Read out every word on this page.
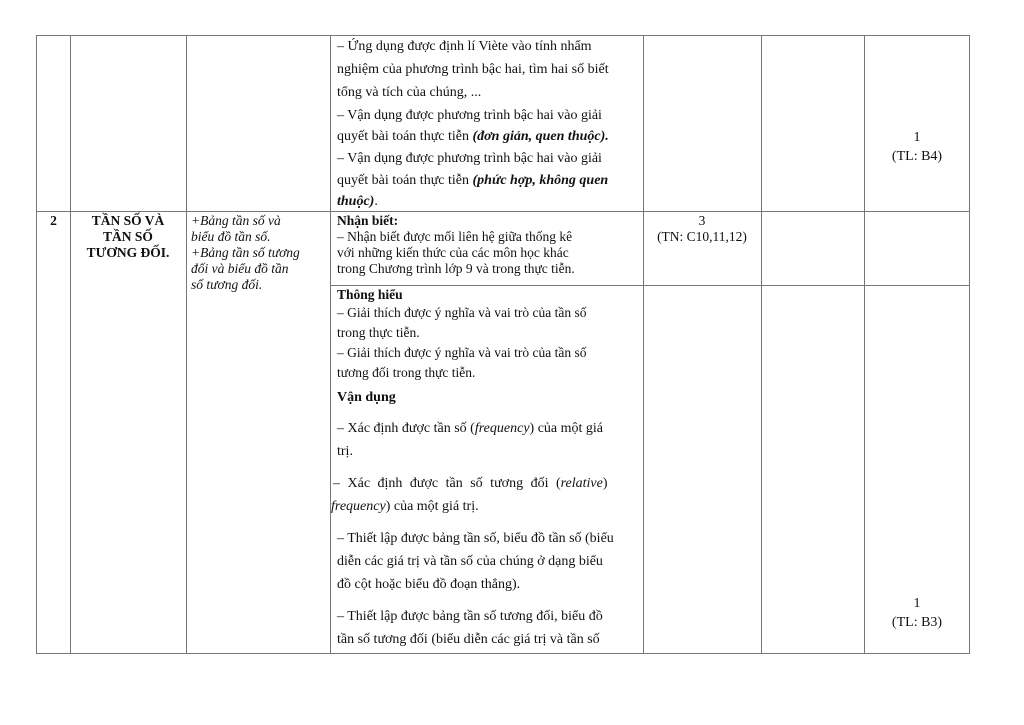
– Ứng dụng được định lí Viète vào tính nhẩm
nghiệm của phương trình bậc hai, tìm hai số biết
tổng và tích của chúng, ...
– Vận dụng được phương trình bậc hai vào giải
quyết bài toán thực tiễn (đơn giản, quen thuộc).
– Vận dụng được phương trình bậc hai vào giải
quyết bài toán thực tiễn (phức hợp, không quen
thuộc).
1
(TL: B4)
2	TẦN SỐ VÀ
TẦN SỐ
TƯƠNG ĐỐI.
+Bảng tần số và
biểu đồ tần số.
+Bảng tần số tương
đối và biểu đồ tần
số tương đối.
Nhận biết:
– Nhận biết được mối liên hệ giữa thống kê
với những kiến thức của các môn học khác
trong Chương trình lớp 9 và trong thực tiễn.
3
(TN: C10,11,12)
Thông hiểu
– Giải thích được ý nghĩa và vai trò của tần số
trong thực tiễn.
– Giải thích được ý nghĩa và vai trò của tần số
tương đối trong thực tiễn.
Vận dụng
– Xác định được tần số (frequency) của một giá
trị.
– Xác định được tần số tương đối (relative)
frequency) của một giá trị.
– Thiết lập được bảng tần số, biểu đồ tần số (biểu
diễn các giá trị và tần số của chúng ở dạng biểu
đồ cột hoặc biểu đồ đoạn thẳng).
– Thiết lập được bảng tần số tương đối, biểu đồ
tần số tương đối (biểu diễn các giá trị và tần số
1
(TL: B3)
